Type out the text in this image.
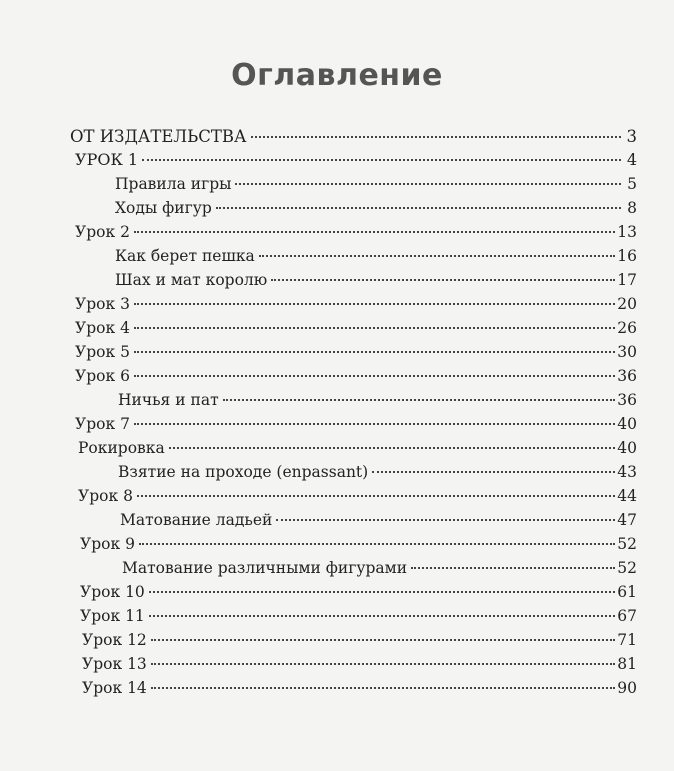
Оглавление
ОТ ИЗДАТЕЛЬСТВА	3
УРОК 1	4
Правила игры	5
Ходы фигур	8
Урок 2	13
Как берет пешка	16
Шах и мат королю	17
Урок 3	20
Урок 4	26
Урок 5	30
Урок 6	36
Ничья и пат	36
Урок 7	40
Рокировка	40
Взятие на проходе (enpassant)	43
Урок 8	44
Матование ладьей	47
Урок 9	52
Матование различными фигурами	52
Урок 10	61
Урок 11	67
Урок 12	71
Урок 13	81
Урок 14	90
